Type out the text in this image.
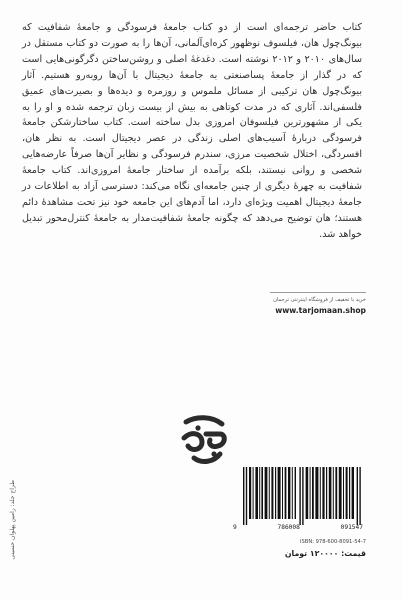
کتاب حاضر ترجمه‌ای است از دو کتاب جامعهٔ فرسودگی و جامعهٔ شفافیت که بیونگ‌چول هان، فیلسوف نوظهور کره‌ای‌آلمانی، آن‌ها را به صورت دو کتاب مستقل در سال‌های ۲۰۱۰ و ۲۰۱۲ نوشته است. دغدغهٔ اصلی و روشن‌ساختن دگرگونی‌هایی است که در گذار از جامعهٔ پساصنعتی به جامعهٔ دیجیتال با آن‌ها روبه‌رو هستیم. آثار بیونگ‌چول هان ترکیبی از مسائل ملموس و روزمره و دیده‌ها و بصیرت‌های عمیق فلسفی‌اند. آثاری که در مدت کوتاهی به بیش از بیست زبان ترجمه شده و او را به یکی از مشهورترین فیلسوفان امروزی بدل ساخته است. کتاب ساختارشکن جامعهٔ فرسودگی دربارهٔ آسیب‌های اصلی زندگی در عصر دیجیتال است. به نظر هان، افسردگی، اختلال شخصیت مرزی، سندرم فرسودگی و نظایر آن‌ها صرفاً عارضه‌هایی شخصی و روانی نیستند، بلکه برآمده از ساختار جامعهٔ امروزی‌اند. کتاب جامعهٔ شفافیت به چهرهٔ دیگری از چنین جامعه‌ای نگاه می‌کند: دسترسی آزاد به اطلاعات در جامعهٔ دیجیتال اهمیت ویژه‌ای دارد، اما آدم‌های این جامعه خود نیز تحت مشاهدهٔ دائم هستند؛ هان توضیح می‌دهد که چگونه جامعهٔ شفافیت‌مدار به جامعهٔ کنترل‌محور تبدیل خواهد شد.

خرید با تخفیف از فروشگاه اینترنتی ترجمان
www.tarjomaan.shop
طراح جلد: رامین پهلوان حسینی	9	786008	091547
ISBN: 978-600-8091-54-7
قیمت: ۱۲۰۰۰۰ تومان
